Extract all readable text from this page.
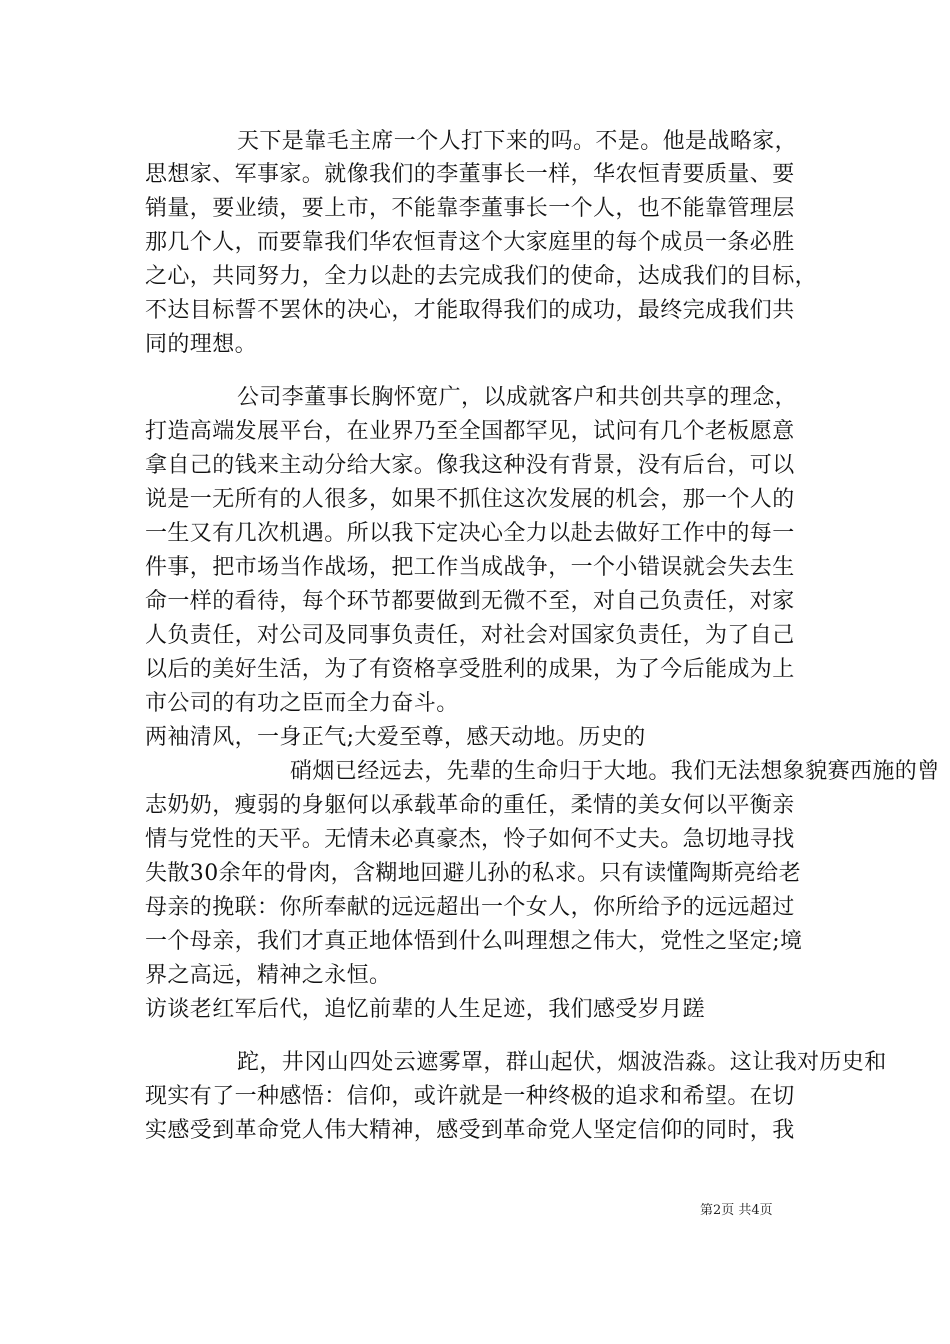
天下是靠毛主席一个人打下来的吗。不是。他是战略家，
思想家、军事家。就像我们的李董事长一样，华农恒青要质量、要
销量，要业绩，要上市，不能靠李董事长一个人，也不能靠管理层
那几个人，而要靠我们华农恒青这个大家庭里的每个成员一条必胜
之心，共同努力，全力以赴的去完成我们的使命，达成我们的目标，
不达目标誓不罢休的决心，才能取得我们的成功，最终完成我们共
同的理想。
公司李董事长胸怀宽广，以成就客户和共创共享的理念，
打造高端发展平台，在业界乃至全国都罕见，试问有几个老板愿意
拿自己的钱来主动分给大家。像我这种没有背景，没有后台，可以
说是一无所有的人很多，如果不抓住这次发展的机会，那一个人的
一生又有几次机遇。所以我下定决心全力以赴去做好工作中的每一
件事，把市场当作战场，把工作当成战争，一个小错误就会失去生
命一样的看待，每个环节都要做到无微不至，对自己负责任，对家
人负责任，对公司及同事负责任，对社会对国家负责任，为了自己
以后的美好生活，为了有资格享受胜利的成果，为了今后能成为上
市公司的有功之臣而全力奋斗。
两袖清风，一身正气;大爱至尊，感天动地。历史的
硝烟已经远去，先辈的生命归于大地。我们无法想象貌赛西施的曾
志奶奶，瘦弱的身躯何以承载革命的重任，柔情的美女何以平衡亲
情与党性的天平。无情未必真豪杰，怜子如何不丈夫。急切地寻找
失散30余年的骨肉，含糊地回避儿孙的私求。只有读懂陶斯亮给老
母亲的挽联：你所奉献的远远超出一个女人，你所给予的远远超过
一个母亲，我们才真正地体悟到什么叫理想之伟大，党性之坚定;境
界之高远，精神之永恒。
访谈老红军后代，追忆前辈的人生足迹，我们感受岁月蹉
跎，井冈山四处云遮雾罩，群山起伏，烟波浩淼。这让我对历史和
现实有了一种感悟：信仰，或许就是一种终极的追求和希望。在切
实感受到革命党人伟大精神，感受到革命党人坚定信仰的同时，我
第2页 共4页
